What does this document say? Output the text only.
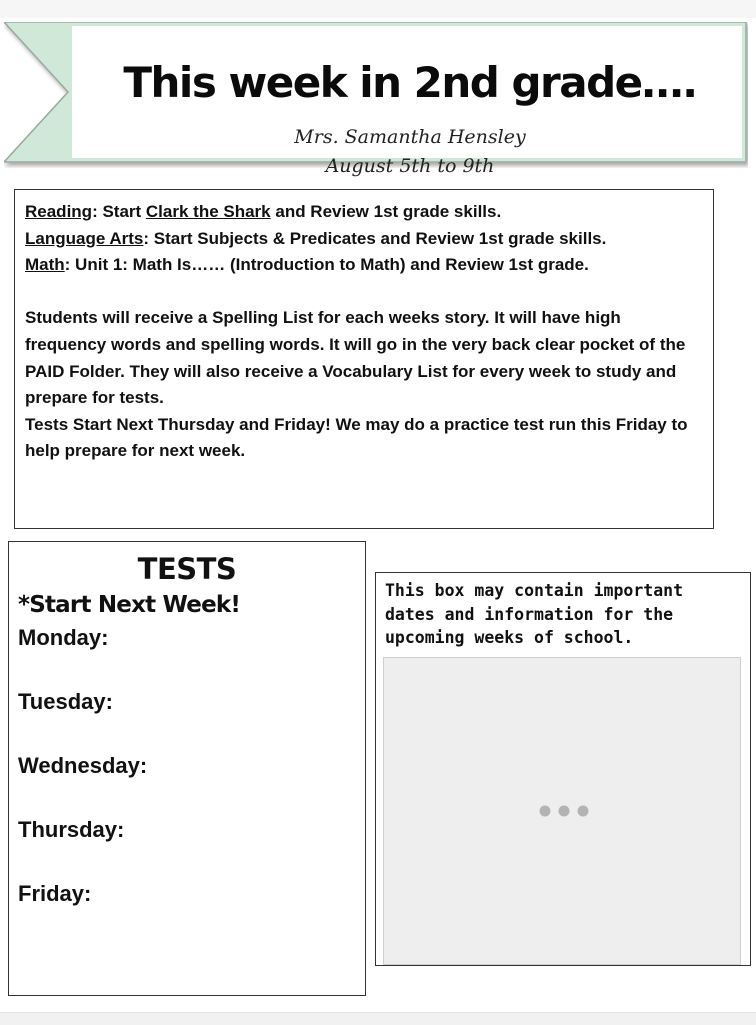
This week in 2nd grade….
Mrs. Samantha Hensley
August 5th to 9th

Reading: Start Clark the Shark and Review 1st grade skills.

Language Arts: Start Subjects & Predicates and Review 1st grade skills.

Math: Unit 1: Math Is…… (Introduction to Math) and Review 1st grade.

Students will receive a Spelling List for each weeks story. It will have high frequency words and spelling words. It will go in the very back clear pocket of the PAID Folder. They will also receive a Vocabulary List for every week to study and prepare for tests.

Tests Start Next Thursday and Friday! We may do a practice test run this Friday to help prepare for next week.

TESTS
*Start Next Week!
Monday:
Tuesday:
Wednesday:
Thursday:
Friday:

This box may contain important dates and information for the upcoming weeks of school.
